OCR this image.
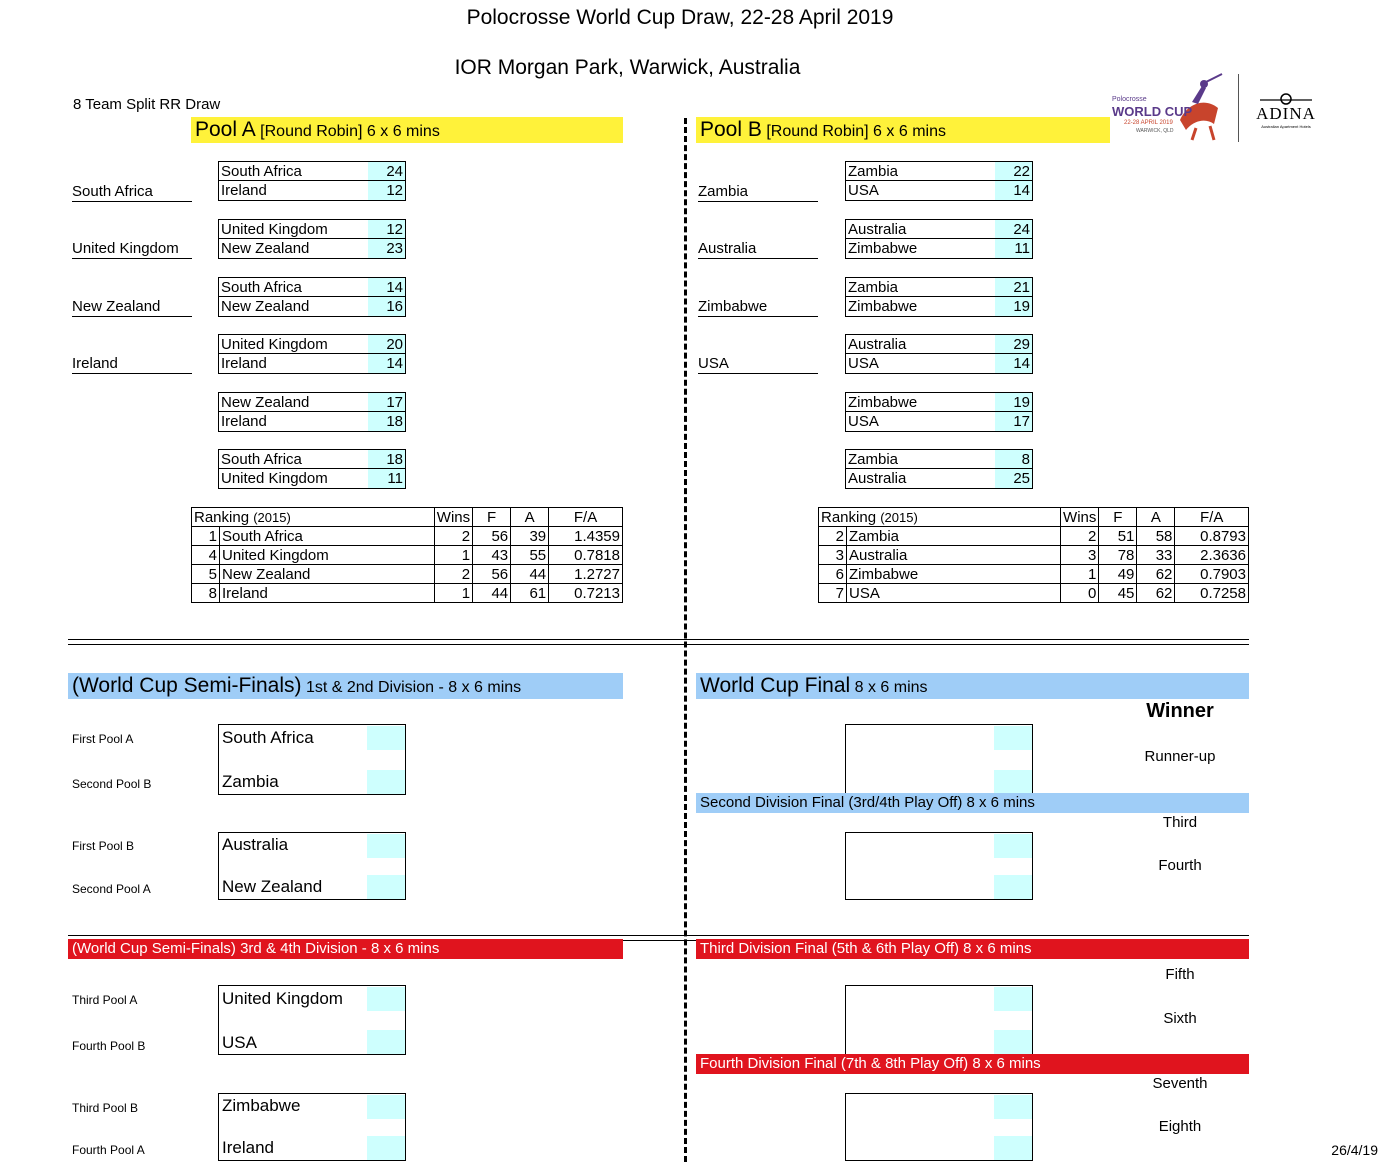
Polocrosse World Cup Draw, 22-28 April 2019
IOR Morgan Park, Warwick, Australia
8 Team Split RR Draw	Polocrosse
WORLD CUP
22-28 APRIL 2019
WARWICK, QLD
ADINA
Australian Apartment Hotels
Pool A [Round Robin] 6 x 6 mins
South Africa
United Kingdom
New Zealand
Ireland
South Africa	24
Ireland	12
United Kingdom	12
New Zealand	23
South Africa	14
New Zealand	16
United Kingdom	20
Ireland	14
New Zealand	17
Ireland	18
South Africa	18
United Kingdom	11
Ranking (2015)		Wins	F	A	F/A
1	South Africa	2	56	39	1.4359
4	United Kingdom	1	43	55	0.7818
5	New Zealand	2	56	44	1.2727
8	Ireland	1	44	61	0.7213
Pool B [Round Robin] 6 x 6 mins
Zambia
Australia
Zimbabwe
USA
Zambia	22
USA	14
Australia	24
Zimbabwe	11
Zambia	21
Zimbabwe	19
Australia	29
USA	14
Zimbabwe	19
USA	17
Zambia	8
Australia	25
Ranking (2015)		Wins	F	A	F/A
2	Zambia	2	51	58	0.8793
3	Australia	3	78	33	2.3636
6	Zimbabwe	1	49	62	0.7903
7	USA	0	45	62	0.7258
(World Cup Semi-Finals) 1st & 2nd Division - 8 x 6 mins
First Pool A
Second Pool B
South Africa
Zambia
First Pool B
Second Pool A
Australia
New Zealand
(World Cup Semi-Finals) 3rd & 4th Division - 8 x 6 mins
Third Pool A
Fourth Pool B
United Kingdom
USA
Third Pool B
Fourth Pool A
Zimbabwe
Ireland
World Cup Final 8 x 6 mins
Winner
Runner-up
Second Division Final (3rd/4th Play Off) 8 x 6 mins
Third
Fourth
Third Division Final (5th & 6th Play Off) 8 x 6 mins
Fifth
Sixth
Fourth Division Final (7th & 8th Play Off) 8 x 6 mins
Seventh
Eighth
26/4/19
